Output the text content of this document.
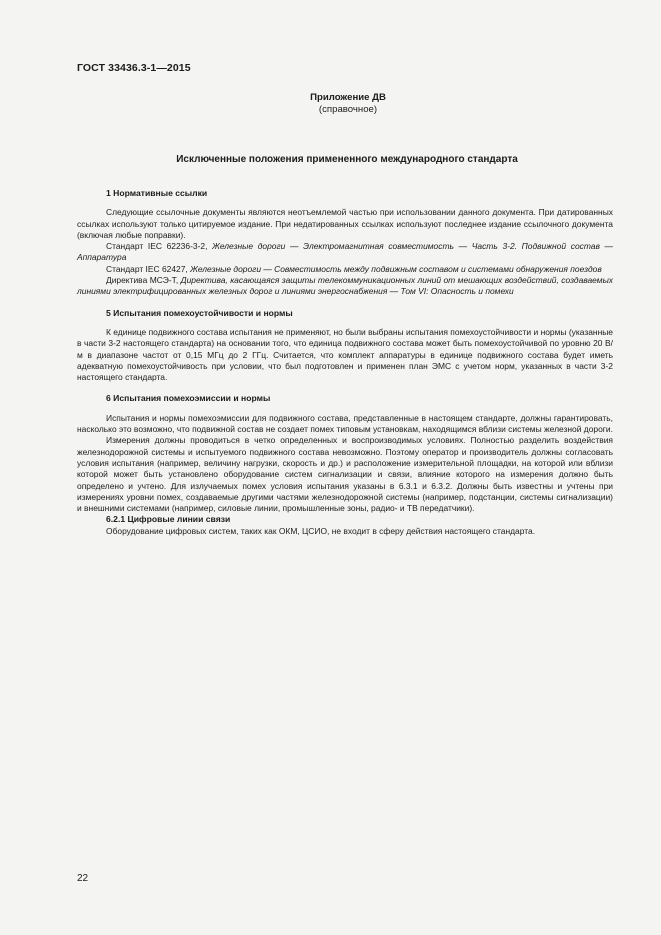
ГОСТ 33436.3-1—2015
Приложение ДВ
(справочное)
Исключенные положения примененного международного стандарта
1 Нормативные ссылки

Следующие ссылочные документы являются неотъемлемой частью при использовании данного документа. При датированных ссылках используют только цитируемое издание. При недатированных ссылках используют последнее издание ссылочного документа (включая любые поправки).

Стандарт IEC 62236-3-2, Железные дороги — Электромагнитная совместимость — Часть 3-2. Подвижной состав — Аппаратура

Стандарт IEC 62427, Железные дороги — Совместимость между подвижным составом и системами обнаружения поездов

Директива МСЭ-Т, Директива, касающаяся защиты телекоммуникационных линий от мешающих воздействий, создаваемых линиями электрифицированных железных дорог и линиями энергоснабжения — Том VI: Опасность и помехи

5 Испытания помехоустойчивости и нормы

К единице подвижного состава испытания не применяют, но были выбраны испытания помехоустойчивости и нормы (указанные в части 3-2 настоящего стандарта) на основании того, что единица подвижного состава может быть помехоустойчивой по уровню 20 В/м в диапазоне частот от 0,15 МГц до 2 ГГц. Считается, что комплект аппаратуры в единице подвижного состава будет иметь адекватную помехоустойчивость при условии, что был подготовлен и применен план ЭМС с учетом норм, указанных в части 3-2 настоящего стандарта.

6 Испытания помехоэмиссии и нормы

Испытания и нормы помехоэмиссии для подвижного состава, представленные в настоящем стандарте, должны гарантировать, насколько это возможно, что подвижной состав не создает помех типовым установкам, находящимся вблизи системы железной дороги.

Измерения должны проводиться в четко определенных и воспроизводимых условиях. Полностью разделить воздействия железнодорожной системы и испытуемого подвижного состава невозможно. Поэтому оператор и производитель должны согласовать условия испытания (например, величину нагрузки, скорость и др.) и расположение измерительной площадки, на которой или вблизи которой может быть установлено оборудование систем сигнализации и связи, влияние которого на измерения должно быть определено и учтено. Для излучаемых помех условия испытания указаны в 6.3.1 и 6.3.2. Должны быть известны и учтены при измерениях уровни помех, создаваемые другими частями железнодорожной системы (например, подстанции, системы сигнализации) и внешними системами (например, силовые линии, промышленные зоны, радио- и ТВ передатчики).

6.2.1 Цифровые линии связи

Оборудование цифровых систем, таких как ОКМ, ЦСИО, не входит в сферу действия настоящего стандарта.

22
